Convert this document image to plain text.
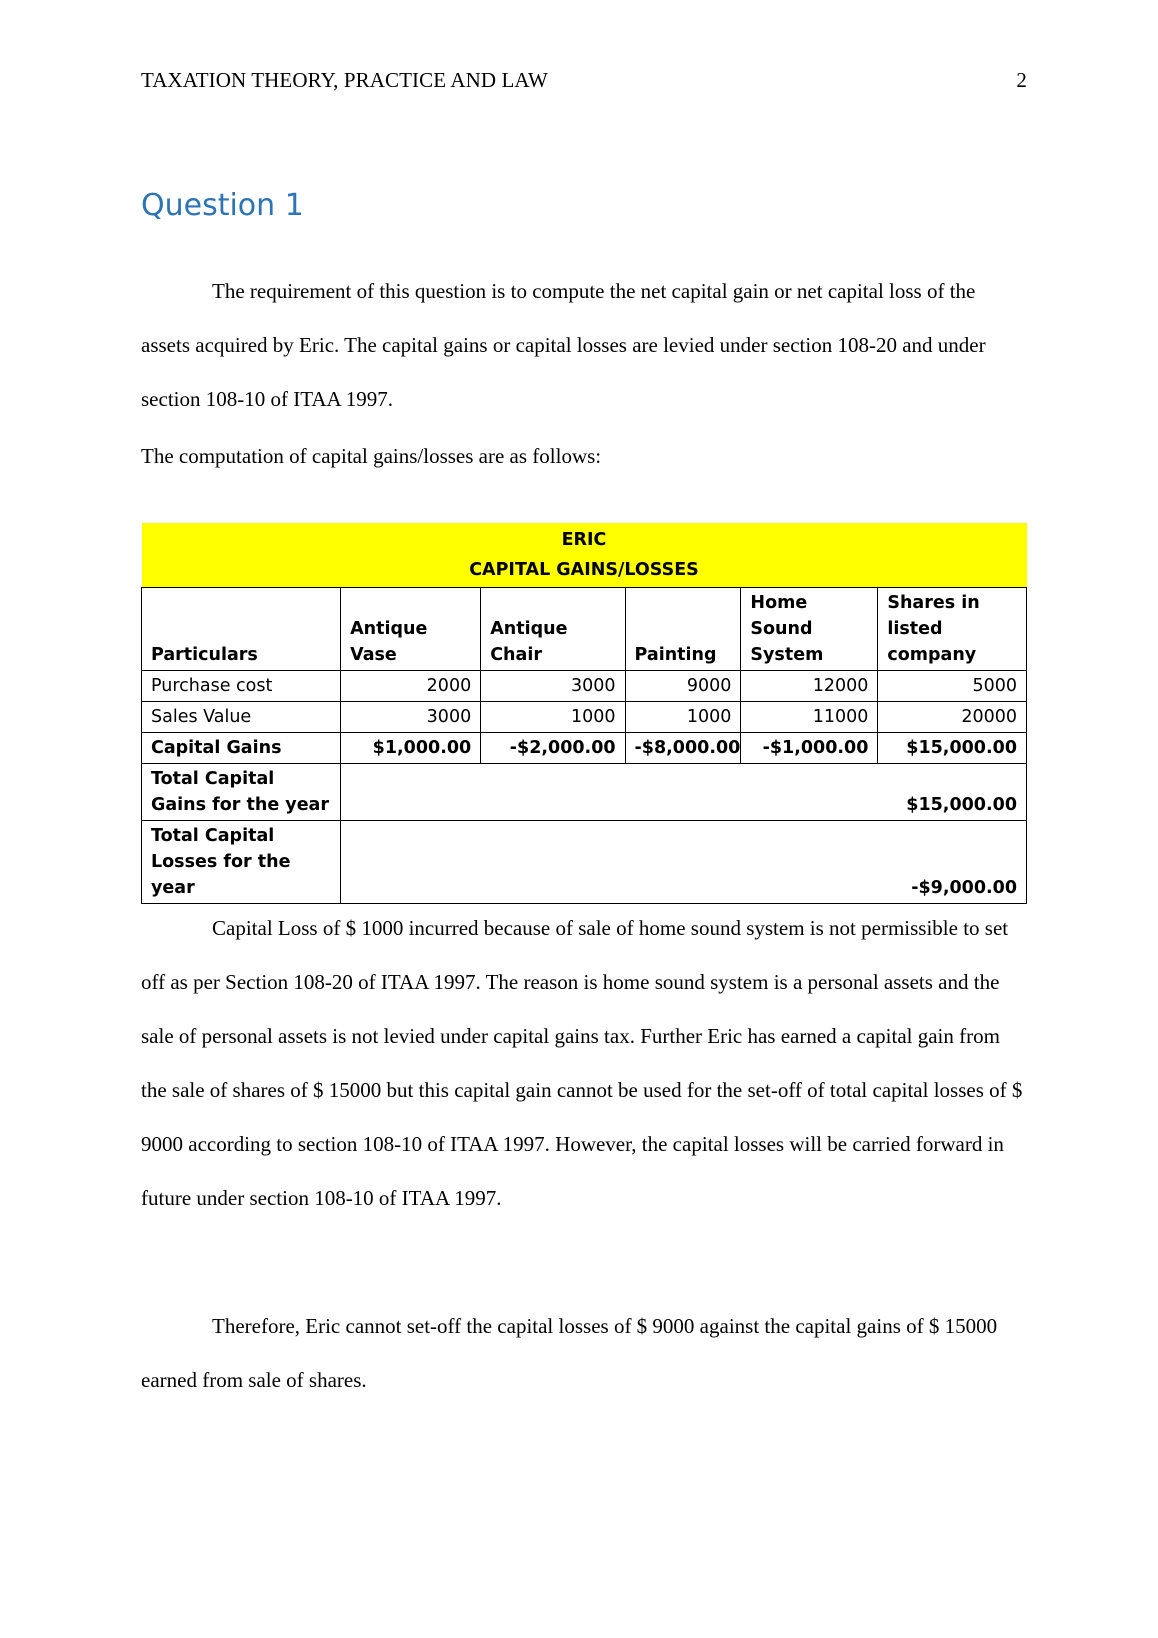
TAXATION THEORY, PRACTICE AND LAW	2
Question 1

The requirement of this question is to compute the net capital gain or net capital loss of the assets acquired by Eric. The capital gains or capital losses are levied under section 108-20 and under section 108-10 of ITAA 1997.

The computation of capital gains/losses are as follows:

ERIC
CAPITAL GAINS/LOSSES					

Particulars	Antique Vase	Antique Chair	Painting	Home Sound System	Shares in listed company
Purchase cost	2000	3000	9000	12000	5000
Sales Value	3000	1000	1000	11000	20000
Capital Gains	$1,000.00	-$2,000.00	-$8,000.00	-$1,000.00	$15,000.00
Total Capital Gains for the year	$15,000.00				
Total Capital Losses for the year	-$9,000.00				

Capital Loss of $ 1000 incurred because of sale of home sound system is not permissible to set off as per Section 108-20 of ITAA 1997. The reason is home sound system is a personal assets and the sale of personal assets is not levied under capital gains tax. Further Eric has earned a capital gain from the sale of shares of $ 15000 but this capital gain cannot be used for the set-off of total capital losses of $ 9000 according to section 108-10 of ITAA 1997. However, the capital losses will be carried forward in future under section 108-10 of ITAA 1997.

Therefore, Eric cannot set-off the capital losses of $ 9000 against the capital gains of $ 15000 earned from sale of shares.
